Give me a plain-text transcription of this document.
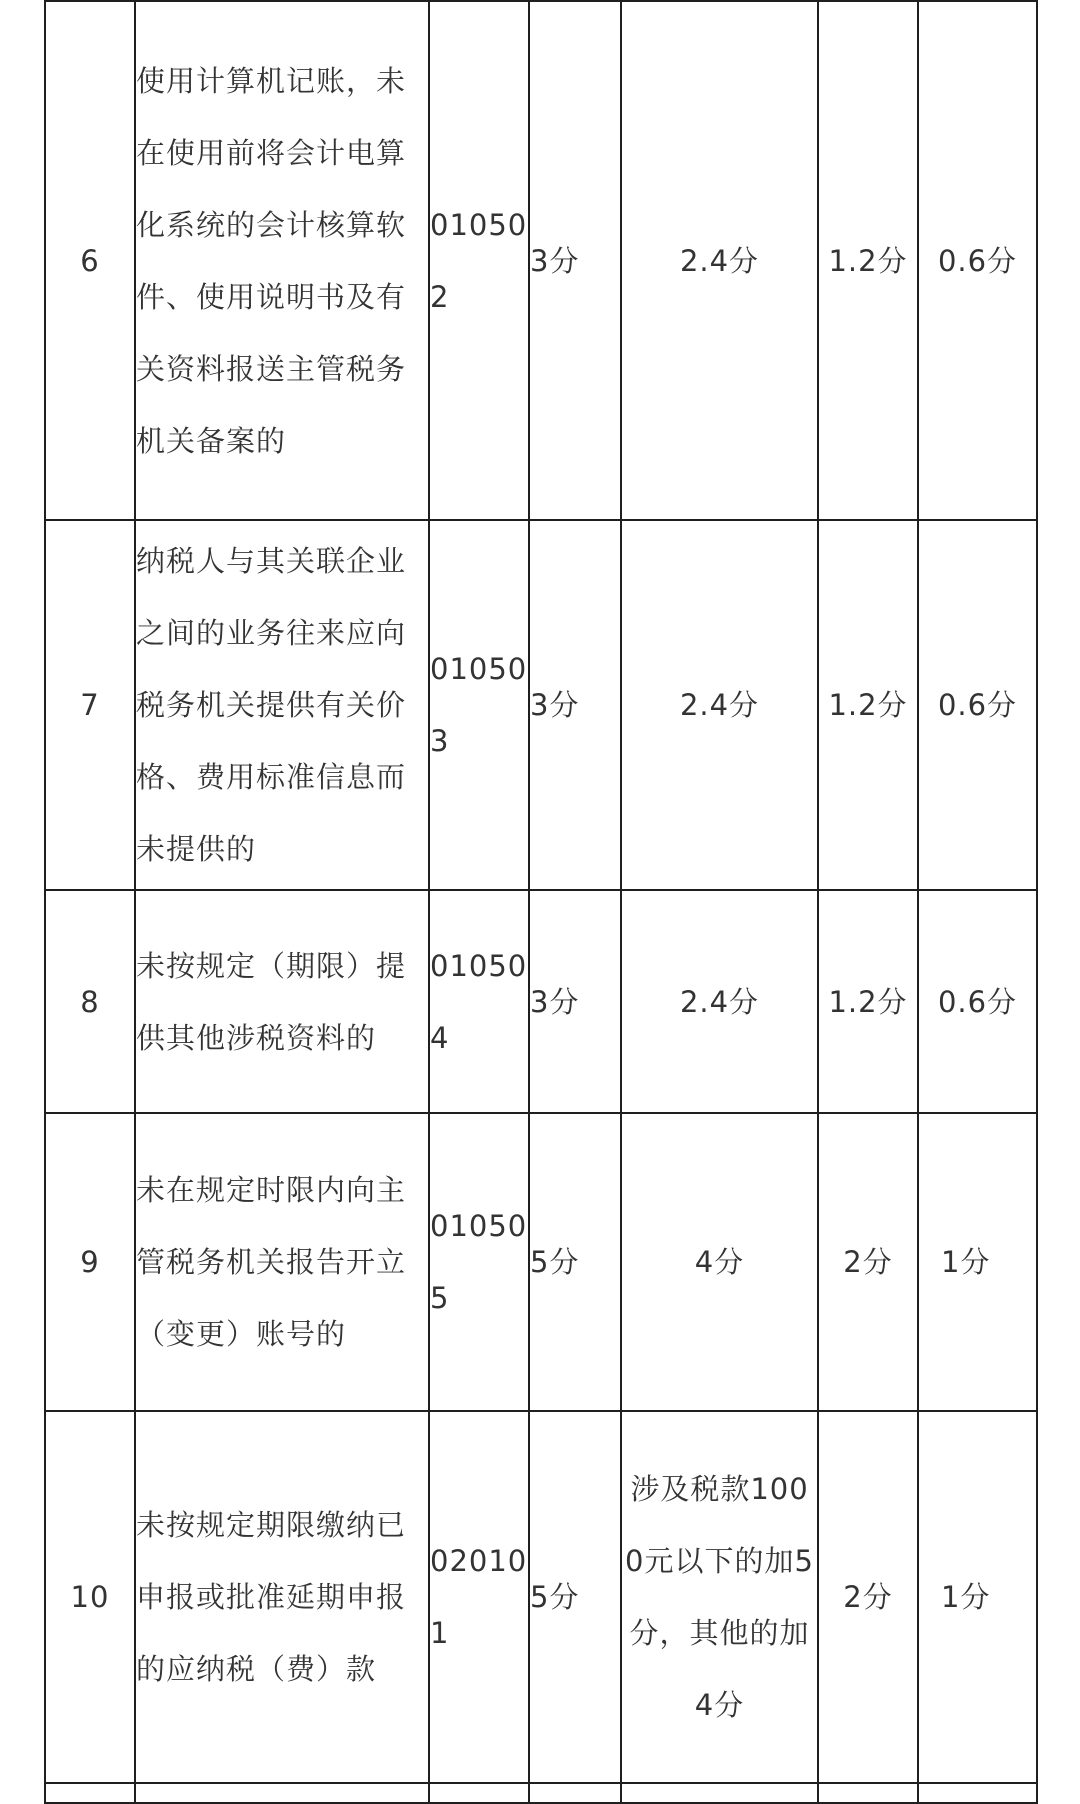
6	使用计算机记账，未在使用前将会计电算化系统的会计核算软件、使用说明书及有关资料报送主管税务机关备案的	010502	3分	2.4分	1.2分	0.6分
7	纳税人与其关联企业之间的业务往来应向税务机关提供有关价格、费用标准信息而未提供的	010503	3分	2.4分	1.2分	0.6分
8	未按规定（期限）提供其他涉税资料的	010504	3分	2.4分	1.2分	0.6分
9	未在规定时限内向主管税务机关报告开立（变更）账号的	010505	5分	4分	2分	1分
10	未按规定期限缴纳已申报或批准延期申报的应纳税（费）款	020101	5分	涉及税款1000元以下的加5分，其他的加4分	2分	1分
